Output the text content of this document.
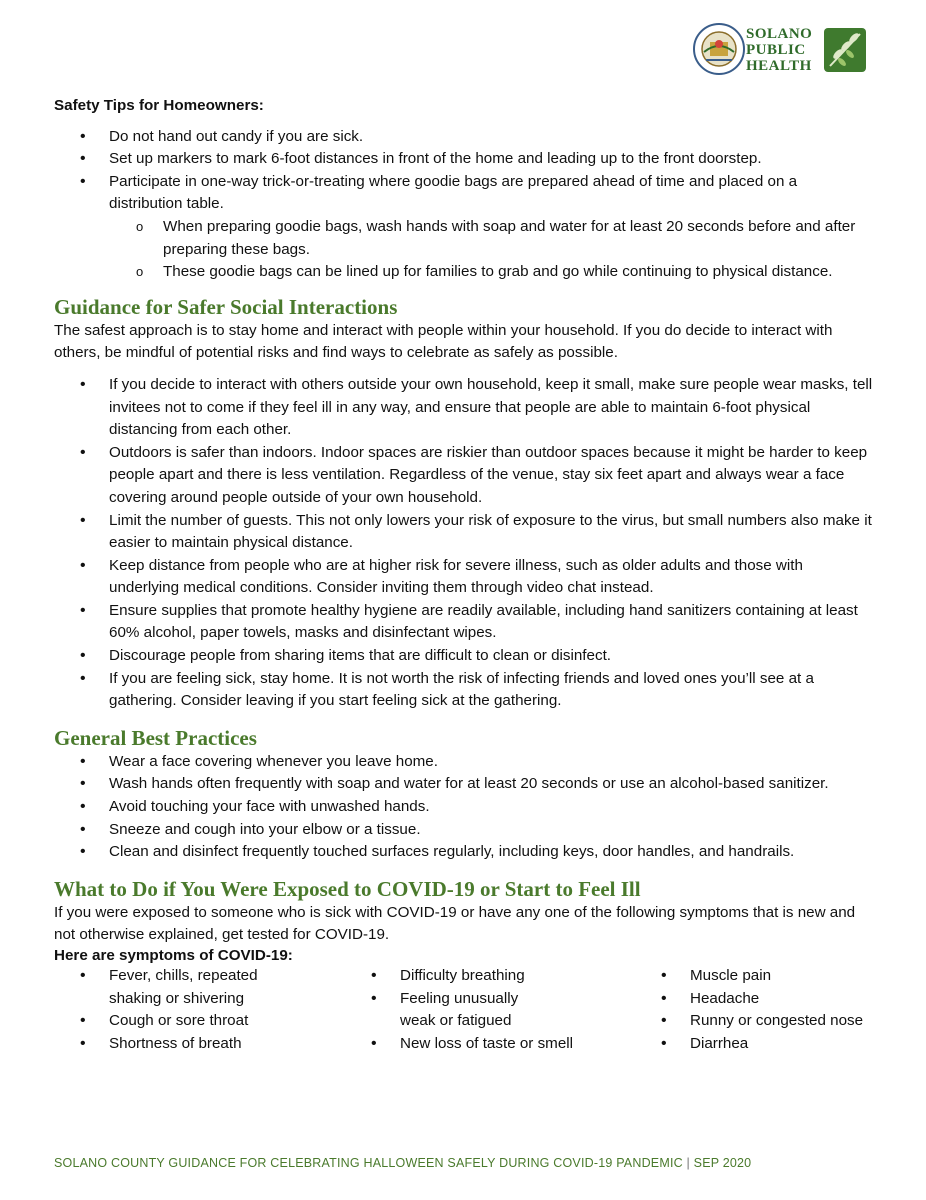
SOLANO
PUBLIC
HEALTH

Safety Tips for Homeowners:

• Do not hand out candy if you are sick.
• Set up markers to mark 6-foot distances in front of the home and leading up to the front doorstep.
• Participate in one-way trick-or-treating where goodie bags are prepared ahead of time and placed on a distribution table.
o When preparing goodie bags, wash hands with soap and water for at least 20 seconds before and after preparing these bags.
o These goodie bags can be lined up for families to grab and go while continuing to physical distance.
Guidance for Safer Social Interactions

The safest approach is to stay home and interact with people within your household. If you do decide to interact with others, be mindful of potential risks and find ways to celebrate as safely as possible.

• If you decide to interact with others outside your own household, keep it small, make sure people wear masks, tell invitees not to come if they feel ill in any way, and ensure that people are able to maintain 6-foot physical distancing from each other.
• Outdoors is safer than indoors. Indoor spaces are riskier than outdoor spaces because it might be harder to keep people apart and there is less ventilation. Regardless of the venue, stay six feet apart and always wear a face covering around people outside of your own household.
• Limit the number of guests. This not only lowers your risk of exposure to the virus, but small numbers also make it easier to maintain physical distance.
• Keep distance from people who are at higher risk for severe illness, such as older adults and those with underlying medical conditions. Consider inviting them through video chat instead.
• Ensure supplies that promote healthy hygiene are readily available, including hand sanitizers containing at least 60% alcohol, paper towels, masks and disinfectant wipes.
• Discourage people from sharing items that are difficult to clean or disinfect.
• If you are feeling sick, stay home. It is not worth the risk of infecting friends and loved ones you’ll see at a gathering. Consider leaving if you start feeling sick at the gathering.
General Best Practices
• Wear a face covering whenever you leave home.
• Wash hands often frequently with soap and water for at least 20 seconds or use an alcohol-based sanitizer.
• Avoid touching your face with unwashed hands.
• Sneeze and cough into your elbow or a tissue.
• Clean and disinfect frequently touched surfaces regularly, including keys, door handles, and handrails.
What to Do if You Were Exposed to COVID-19 or Start to Feel Ill

If you were exposed to someone who is sick with COVID-19 or have any one of the following symptoms that is new and not otherwise explained, get tested for COVID-19.

Here are symptoms of COVID-19:

• Fever, chills, repeated shaking or shivering
• Cough or sore throat
• Shortness of breath
• Difficulty breathing
• Feeling unusually weak or fatigued
• New loss of taste or smell
• Muscle pain
• Headache
• Runny or congested nose
• Diarrhea
SOLANO COUNTY GUIDANCE FOR CELEBRATING HALLOWEEN SAFELY DURING COVID-19 PANDEMIC | SEP 2020
